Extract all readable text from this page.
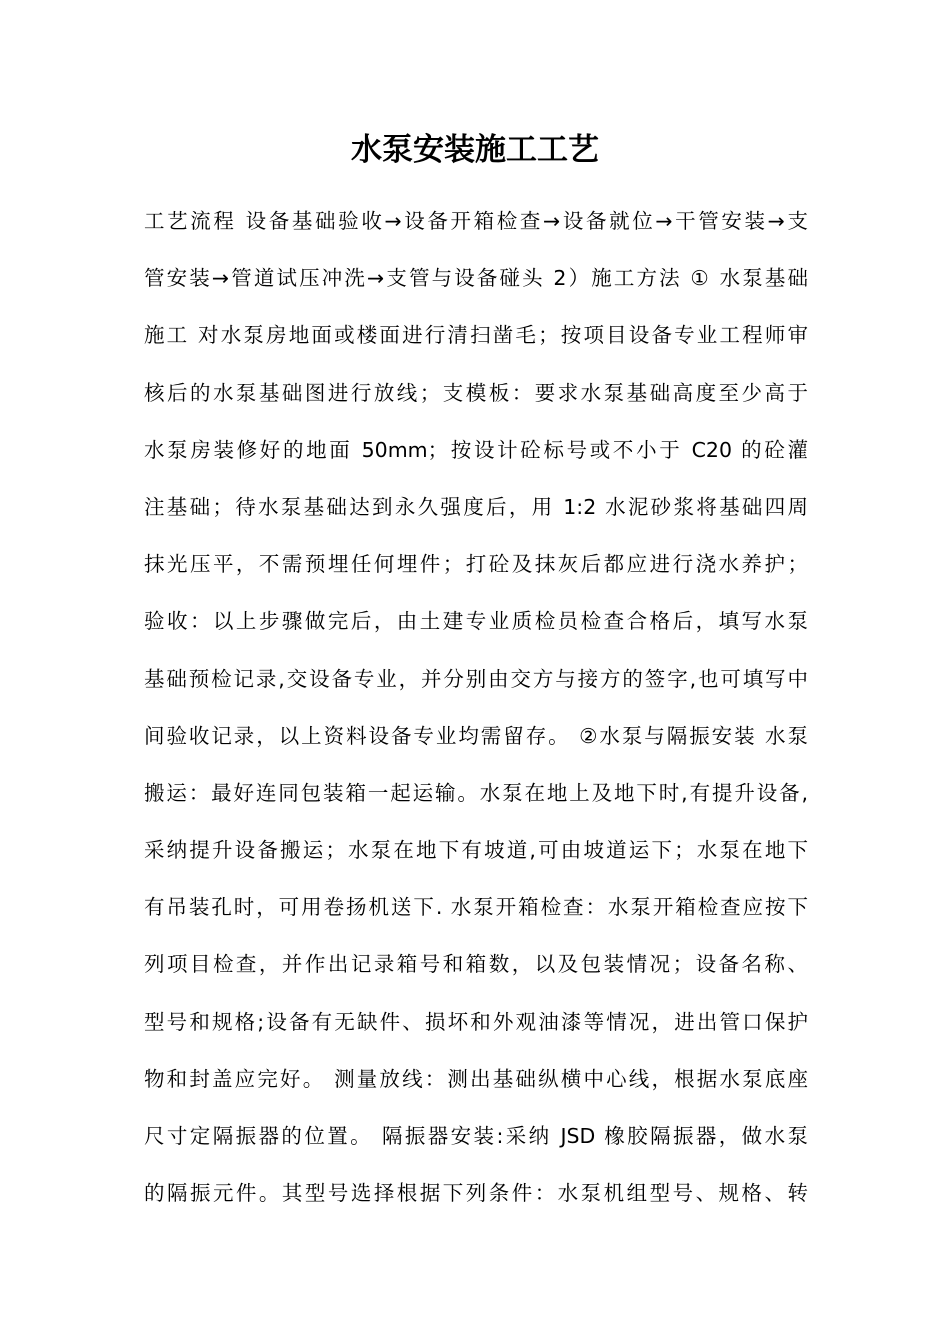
水泵安装施工工艺
工艺流程 设备基础验收→设备开箱检查→设备就位→干管安装→支
管安装→管道试压冲洗→支管与设备碰头 2）施工方法 ① 水泵基础
施工 对水泵房地面或楼面进行清扫凿毛；按项目设备专业工程师审
核后的水泵基础图进行放线；支模板：要求水泵基础高度至少高于
水泵房装修好的地面 50mm；按设计砼标号或不小于 C20 的砼灌
注基础；待水泵基础达到永久强度后，用 1:2 水泥砂浆将基础四周
抹光压平，不需预埋任何埋件；打砼及抹灰后都应进行浇水养护；
验收：以上步骤做完后，由土建专业质检员检查合格后，填写水泵
基础预检记录,交设备专业，并分别由交方与接方的签字,也可填写中
间验收记录，以上资料设备专业均需留存。 ②水泵与隔振安装 水泵
搬运：最好连同包装箱一起运输。水泵在地上及地下时,有提升设备,
采纳提升设备搬运；水泵在地下有坡道,可由坡道运下；水泵在地下
有吊装孔时，可用卷扬机送下. 水泵开箱检查：水泵开箱检查应按下
列项目检查，并作出记录箱号和箱数，以及包装情况；设备名称、
型号和规格;设备有无缺件、损坏和外观油漆等情况，进出管口保护
物和封盖应完好。 测量放线：测出基础纵横中心线，根据水泵底座
尺寸定隔振器的位置。 隔振器安装:采纳 JSD 橡胶隔振器，做水泵
的隔振元件。其型号选择根据下列条件：水泵机组型号、规格、转
